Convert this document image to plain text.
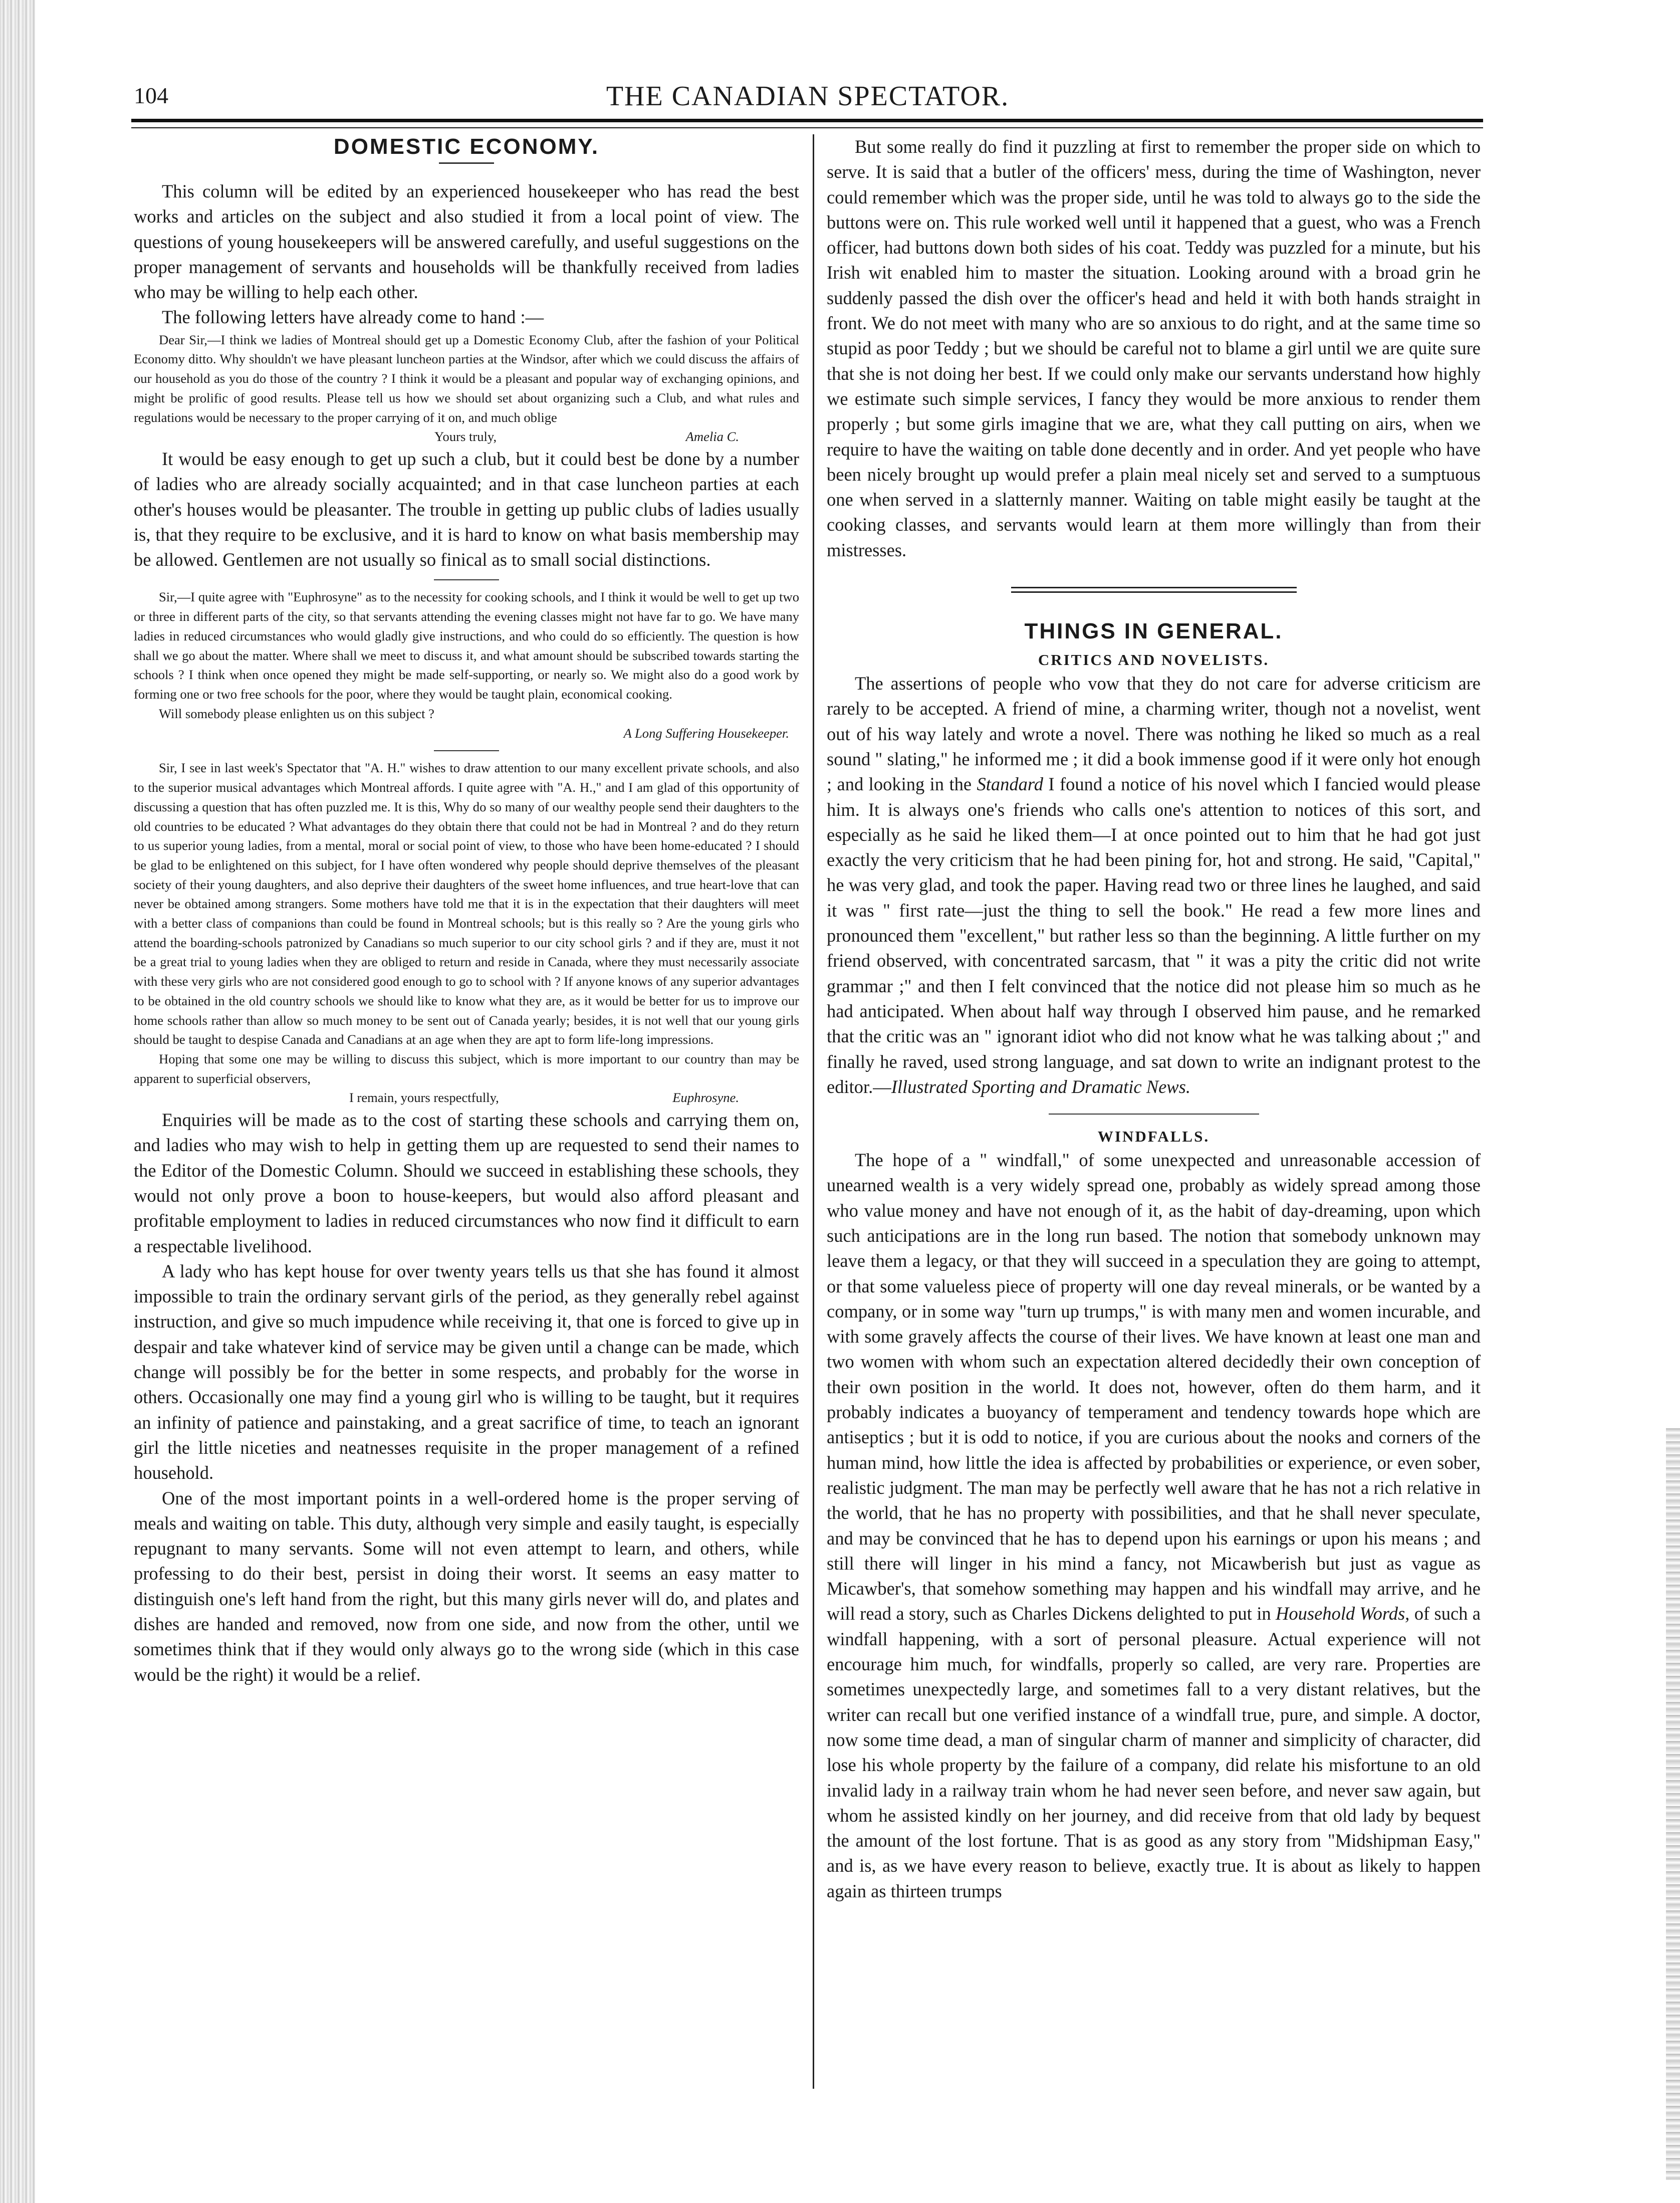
104	THE CANADIAN SPECTATOR.
DOMESTIC ECONOMY.

This column will be edited by an experienced housekeeper who has read the best works and articles on the subject and also studied it from a local point of view. The questions of young housekeepers will be answered carefully, and useful suggestions on the proper management of servants and households will be thankfully received from ladies who may be willing to help each other.

The following letters have already come to hand :—

Dear Sir,—I think we ladies of Montreal should get up a Domestic Economy Club, after the fashion of your Political Economy ditto. Why shouldn't we have pleasant luncheon parties at the Windsor, after which we could discuss the affairs of our household as you do those of the country ? I think it would be a pleasant and popular way of exchanging opinions, and might be prolific of good results. Please tell us how we should set about organizing such a Club, and what rules and regulations would be necessary to the proper carrying of it on, and much oblige

Yours truly,	Amelia C.

It would be easy enough to get up such a club, but it could best be done by a number of ladies who are already socially acquainted; and in that case luncheon parties at each other's houses would be pleasanter. The trouble in getting up public clubs of ladies usually is, that they require to be exclusive, and it is hard to know on what basis membership may be allowed. Gentlemen are not usually so finical as to small social distinctions.

Sir,—I quite agree with "Euphrosyne" as to the necessity for cooking schools, and I think it would be well to get up two or three in different parts of the city, so that servants attending the evening classes might not have far to go. We have many ladies in reduced circumstances who would gladly give instructions, and who could do so efficiently. The question is how shall we go about the matter. Where shall we meet to discuss it, and what amount should be subscribed towards starting the schools ? I think when once opened they might be made self-supporting, or nearly so. We might also do a good work by forming one or two free schools for the poor, where they would be taught plain, economical cooking.

Will somebody please enlighten us on this subject ?

A Long Suffering Housekeeper.

Sir, I see in last week's Spectator that "A. H." wishes to draw attention to our many excellent private schools, and also to the superior musical advantages which Montreal affords. I quite agree with "A. H.," and I am glad of this opportunity of discussing a question that has often puzzled me. It is this, Why do so many of our wealthy people send their daughters to the old countries to be educated ? What advantages do they obtain there that could not be had in Montreal ? and do they return to us superior young ladies, from a mental, moral or social point of view, to those who have been home-educated ? I should be glad to be enlightened on this subject, for I have often wondered why people should deprive themselves of the pleasant society of their young daughters, and also deprive their daughters of the sweet home influences, and true heart-love that can never be obtained among strangers. Some mothers have told me that it is in the expectation that their daughters will meet with a better class of companions than could be found in Montreal schools; but is this really so ? Are the young girls who attend the boarding-schools patronized by Canadians so much superior to our city school girls ? and if they are, must it not be a great trial to young ladies when they are obliged to return and reside in Canada, where they must necessarily associate with these very girls who are not considered good enough to go to school with ? If anyone knows of any superior advantages to be obtained in the old country schools we should like to know what they are, as it would be better for us to improve our home schools rather than allow so much money to be sent out of Canada yearly; besides, it is not well that our young girls should be taught to despise Canada and Canadians at an age when they are apt to form life-long impressions.

Hoping that some one may be willing to discuss this subject, which is more important to our country than may be apparent to superficial observers,

I remain, yours respectfully,	Euphrosyne.

Enquiries will be made as to the cost of starting these schools and carrying them on, and ladies who may wish to help in getting them up are requested to send their names to the Editor of the Domestic Column. Should we succeed in establishing these schools, they would not only prove a boon to house-keepers, but would also afford pleasant and profitable employment to ladies in reduced circumstances who now find it difficult to earn a respectable livelihood.

A lady who has kept house for over twenty years tells us that she has found it almost impossible to train the ordinary servant girls of the period, as they generally rebel against instruction, and give so much impudence while receiving it, that one is forced to give up in despair and take whatever kind of service may be given until a change can be made, which change will possibly be for the better in some respects, and probably for the worse in others. Occasionally one may find a young girl who is willing to be taught, but it requires an infinity of patience and painstaking, and a great sacrifice of time, to teach an ignorant girl the little niceties and neatnesses requisite in the proper management of a refined household.

One of the most important points in a well-ordered home is the proper serving of meals and waiting on table. This duty, although very simple and easily taught, is especially repugnant to many servants. Some will not even attempt to learn, and others, while professing to do their best, persist in doing their worst. It seems an easy matter to distinguish one's left hand from the right, but this many girls never will do, and plates and dishes are handed and removed, now from one side, and now from the other, until we sometimes think that if they would only always go to the wrong side (which in this case would be the right) it would be a relief.

But some really do find it puzzling at first to remember the proper side on which to serve. It is said that a butler of the officers' mess, during the time of Washington, never could remember which was the proper side, until he was told to always go to the side the buttons were on. This rule worked well until it happened that a guest, who was a French officer, had buttons down both sides of his coat. Teddy was puzzled for a minute, but his Irish wit enabled him to master the situation. Looking around with a broad grin he suddenly passed the dish over the officer's head and held it with both hands straight in front. We do not meet with many who are so anxious to do right, and at the same time so stupid as poor Teddy ; but we should be careful not to blame a girl until we are quite sure that she is not doing her best. If we could only make our servants understand how highly we estimate such simple services, I fancy they would be more anxious to render them properly ; but some girls imagine that we are, what they call putting on airs, when we require to have the waiting on table done decently and in order. And yet people who have been nicely brought up would prefer a plain meal nicely set and served to a sumptuous one when served in a slatternly manner. Waiting on table might easily be taught at the cooking classes, and servants would learn at them more willingly than from their mistresses.

THINGS IN GENERAL.
CRITICS AND NOVELISTS.

The assertions of people who vow that they do not care for adverse criticism are rarely to be accepted. A friend of mine, a charming writer, though not a novelist, went out of his way lately and wrote a novel. There was nothing he liked so much as a real sound " slating," he informed me ; it did a book immense good if it were only hot enough ; and looking in the Standard I found a notice of his novel which I fancied would please him. It is always one's friends who calls one's attention to notices of this sort, and especially as he said he liked them—I at once pointed out to him that he had got just exactly the very criticism that he had been pining for, hot and strong. He said, "Capital," he was very glad, and took the paper. Having read two or three lines he laughed, and said it was " first rate—just the thing to sell the book." He read a few more lines and pronounced them "excellent," but rather less so than the beginning. A little further on my friend observed, with concentrated sarcasm, that " it was a pity the critic did not write grammar ;" and then I felt convinced that the notice did not please him so much as he had anticipated. When about half way through I observed him pause, and he remarked that the critic was an " ignorant idiot who did not know what he was talking about ;" and finally he raved, used strong language, and sat down to write an indignant protest to the editor.—Illustrated Sporting and Dramatic News.

WINDFALLS.

The hope of a " windfall," of some unexpected and unreasonable accession of unearned wealth is a very widely spread one, probably as widely spread among those who value money and have not enough of it, as the habit of day-dreaming, upon which such anticipations are in the long run based. The notion that somebody unknown may leave them a legacy, or that they will succeed in a speculation they are going to attempt, or that some valueless piece of property will one day reveal minerals, or be wanted by a company, or in some way "turn up trumps," is with many men and women incurable, and with some gravely affects the course of their lives. We have known at least one man and two women with whom such an expectation altered decidedly their own conception of their own position in the world. It does not, however, often do them harm, and it probably indicates a buoyancy of temperament and tendency towards hope which are antiseptics ; but it is odd to notice, if you are curious about the nooks and corners of the human mind, how little the idea is affected by probabilities or experience, or even sober, realistic judgment. The man may be perfectly well aware that he has not a rich relative in the world, that he has no property with possibilities, and that he shall never speculate, and may be convinced that he has to depend upon his earnings or upon his means ; and still there will linger in his mind a fancy, not Micawberish but just as vague as Micawber's, that somehow something may happen and his windfall may arrive, and he will read a story, such as Charles Dickens delighted to put in Household Words, of such a windfall happening, with a sort of personal pleasure. Actual experience will not encourage him much, for windfalls, properly so called, are very rare. Properties are sometimes unexpectedly large, and sometimes fall to a very distant relatives, but the writer can recall but one verified instance of a windfall true, pure, and simple. A doctor, now some time dead, a man of singular charm of manner and simplicity of character, did lose his whole property by the failure of a company, did relate his misfortune to an old invalid lady in a railway train whom he had never seen before, and never saw again, but whom he assisted kindly on her journey, and did receive from that old lady by bequest the amount of the lost fortune. That is as good as any story from "Midshipman Easy," and is, as we have every reason to believe, exactly true. It is about as likely to happen again as thirteen trumps
